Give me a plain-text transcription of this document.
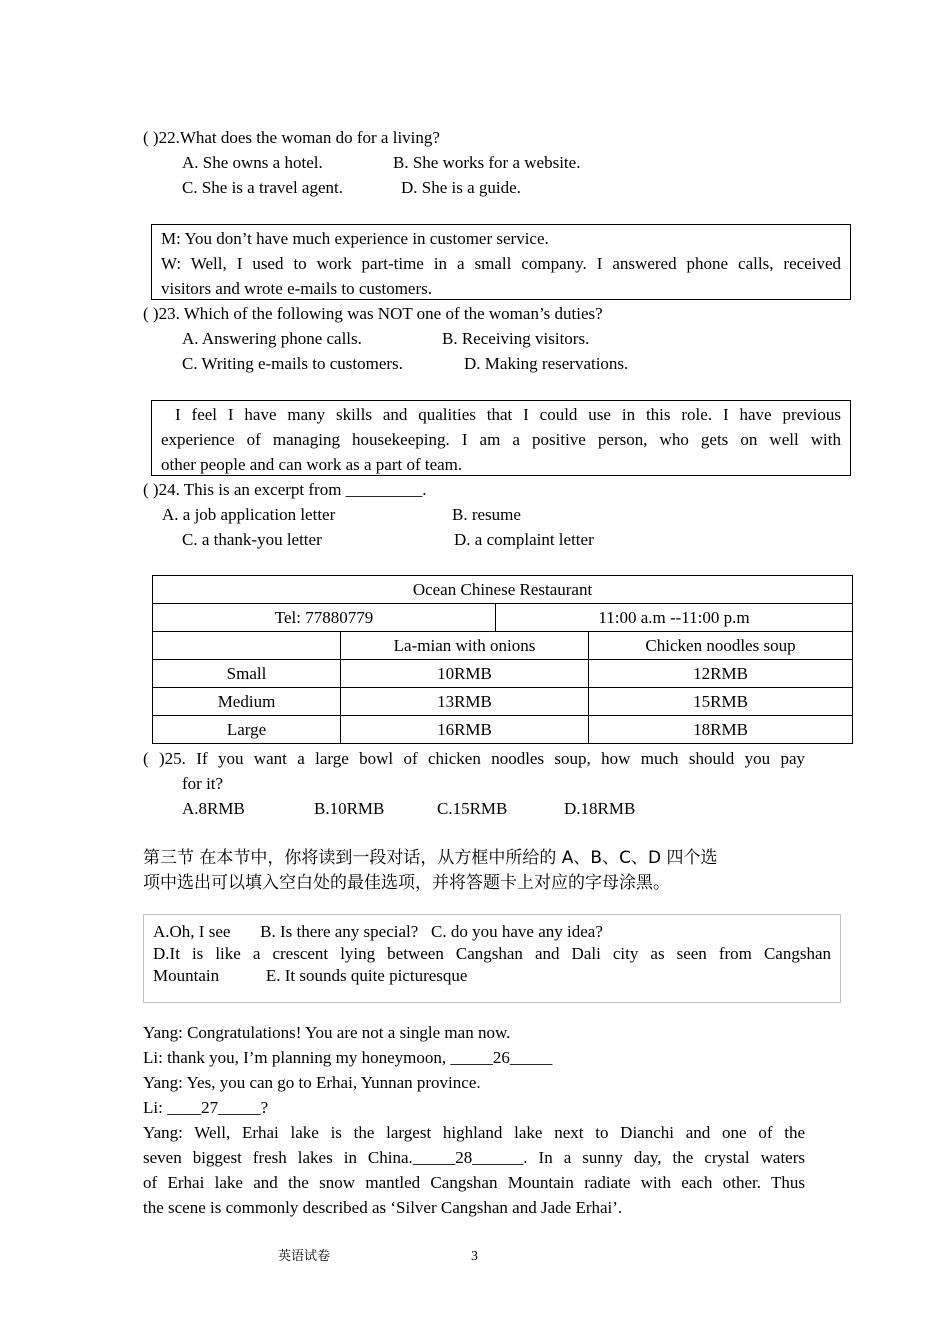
( )22.What does the woman do for a living?
A. She owns a hotel.	B. She works for a website.
C. She is a travel agent.	D. She is a guide.
M: You don’t have much experience in customer service.
W: Well, I used to work part-time in a small company. I answered phone calls, received
visitors and wrote e-mails to customers.
( )23. Which of the following was NOT one of the woman’s duties?
A. Answering phone calls.	B. Receiving visitors.
C. Writing e-mails to customers.	D. Making reservations.
I feel I have many skills and qualities that I could use in this role. I have previous
experience of managing housekeeping. I am a positive person, who gets on well with
other people and can work as a part of team.
( )24. This is an excerpt from _________.
A. a job application letter	B. resume
C. a thank-you letter	D. a complaint letter
Ocean Chinese Restaurant			
Tel: 77880779		11:00 a.m --11:00 p.m	
	La-mian with onions		Chicken noodles soup
Small	10RMB		12RMB
Medium	13RMB		15RMB
Large	16RMB		18RMB
( )25. If you want a large bowl of chicken noodles soup, how much should you pay
for it?
A.8RMB	B.10RMB	C.15RMB	D.18RMB
第三节 在本节中，你将读到一段对话，从方框中所给的 A、B、C、D 四个选
项中选出可以填入空白处的最佳选项，并将答题卡上对应的字母涂黑。
A.Oh, I see       B. Is there any special?   C. do you have any idea?
D.It is like a crescent lying between Cangshan and Dali city as seen from Cangshan
Mountain           E. It sounds quite picturesque
Yang: Congratulations! You are not a single man now.
Li: thank you, I’m planning my honeymoon, _____26_____
Yang: Yes, you can go to Erhai, Yunnan province.
Li: ____27_____?
Yang: Well, Erhai lake is the largest highland lake next to Dianchi and one of the
seven biggest fresh lakes in China._____28______. In a sunny day, the crystal waters
of Erhai lake and the snow mantled Cangshan Mountain radiate with each other. Thus
the scene is commonly described as ‘Silver Cangshan and Jade Erhai’.
英语试卷	3
